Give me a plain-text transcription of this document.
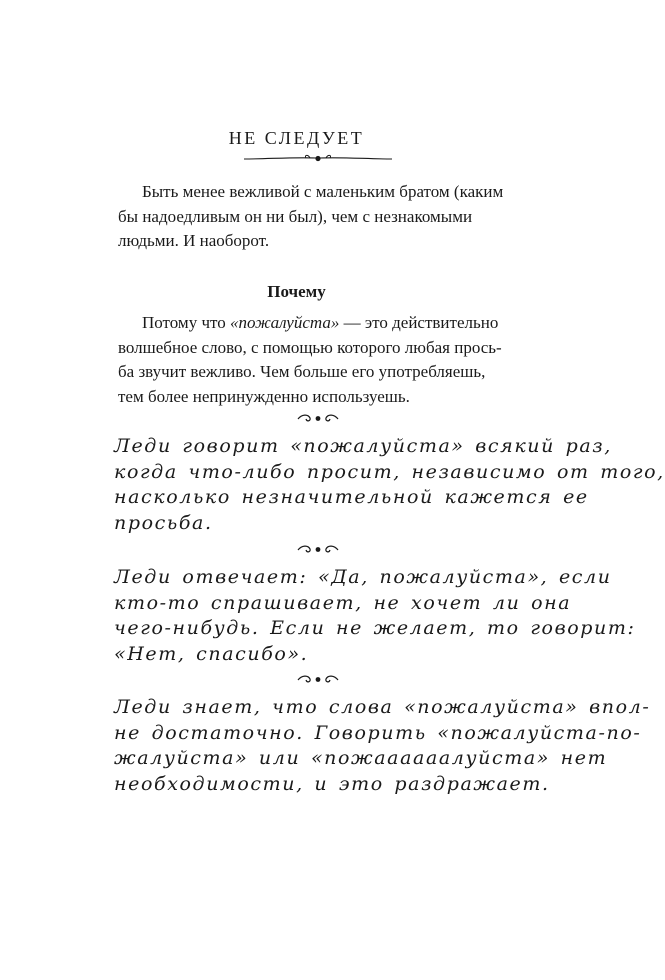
НЕ СЛЕДУЕТ
Быть менее вежливой с маленьким братом (каким
бы надоедливым он ни был), чем с незнакомыми
людьми. И наоборот.
Почему
Потому что «пожалуйста» — это действительно
волшебное слово, с помощью которого любая прось-
ба звучит вежливо. Чем больше его употребляешь,
тем более непринужденно используешь.
Леди говорит «пожалуйста» всякий раз,
когда что-либо просит, независимо от того,
насколько незначительной кажется ее
просьба.
Леди отвечает: «Да, пожалуйста», если
кто-то спрашивает, не хочет ли она
чего-нибудь. Если не желает, то говорит:
«Нет, спасибо».
Леди знает, что слова «пожалуйста» впол-
не достаточно. Говорить «пожалуйста-по-
жалуйста» или «пожаааааалуйста» нет
необходимости, и это раздражает.
